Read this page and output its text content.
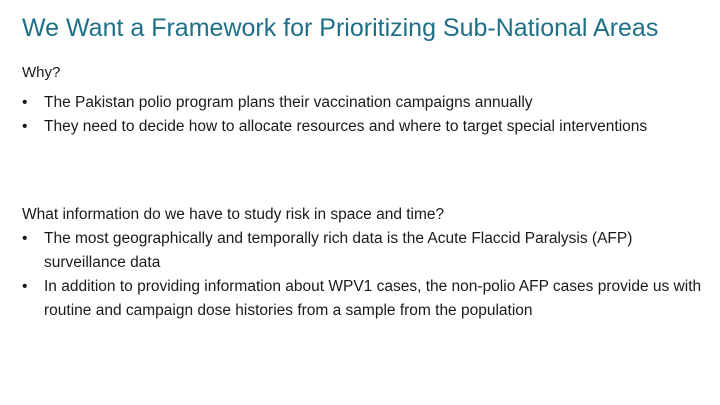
We Want a Framework for Prioritizing Sub-National Areas

Why?

•	The Pakistan polio program plans their vaccination campaigns annually
•	They need to decide how to allocate resources and where to target special interventions

What information do we have to study risk in space and time?

•	The most geographically and temporally rich data is the Acute Flaccid Paralysis (AFP) surveillance data
•	In addition to providing information about WPV1 cases, the non-polio AFP cases provide us with routine and campaign dose histories from a sample from the population
